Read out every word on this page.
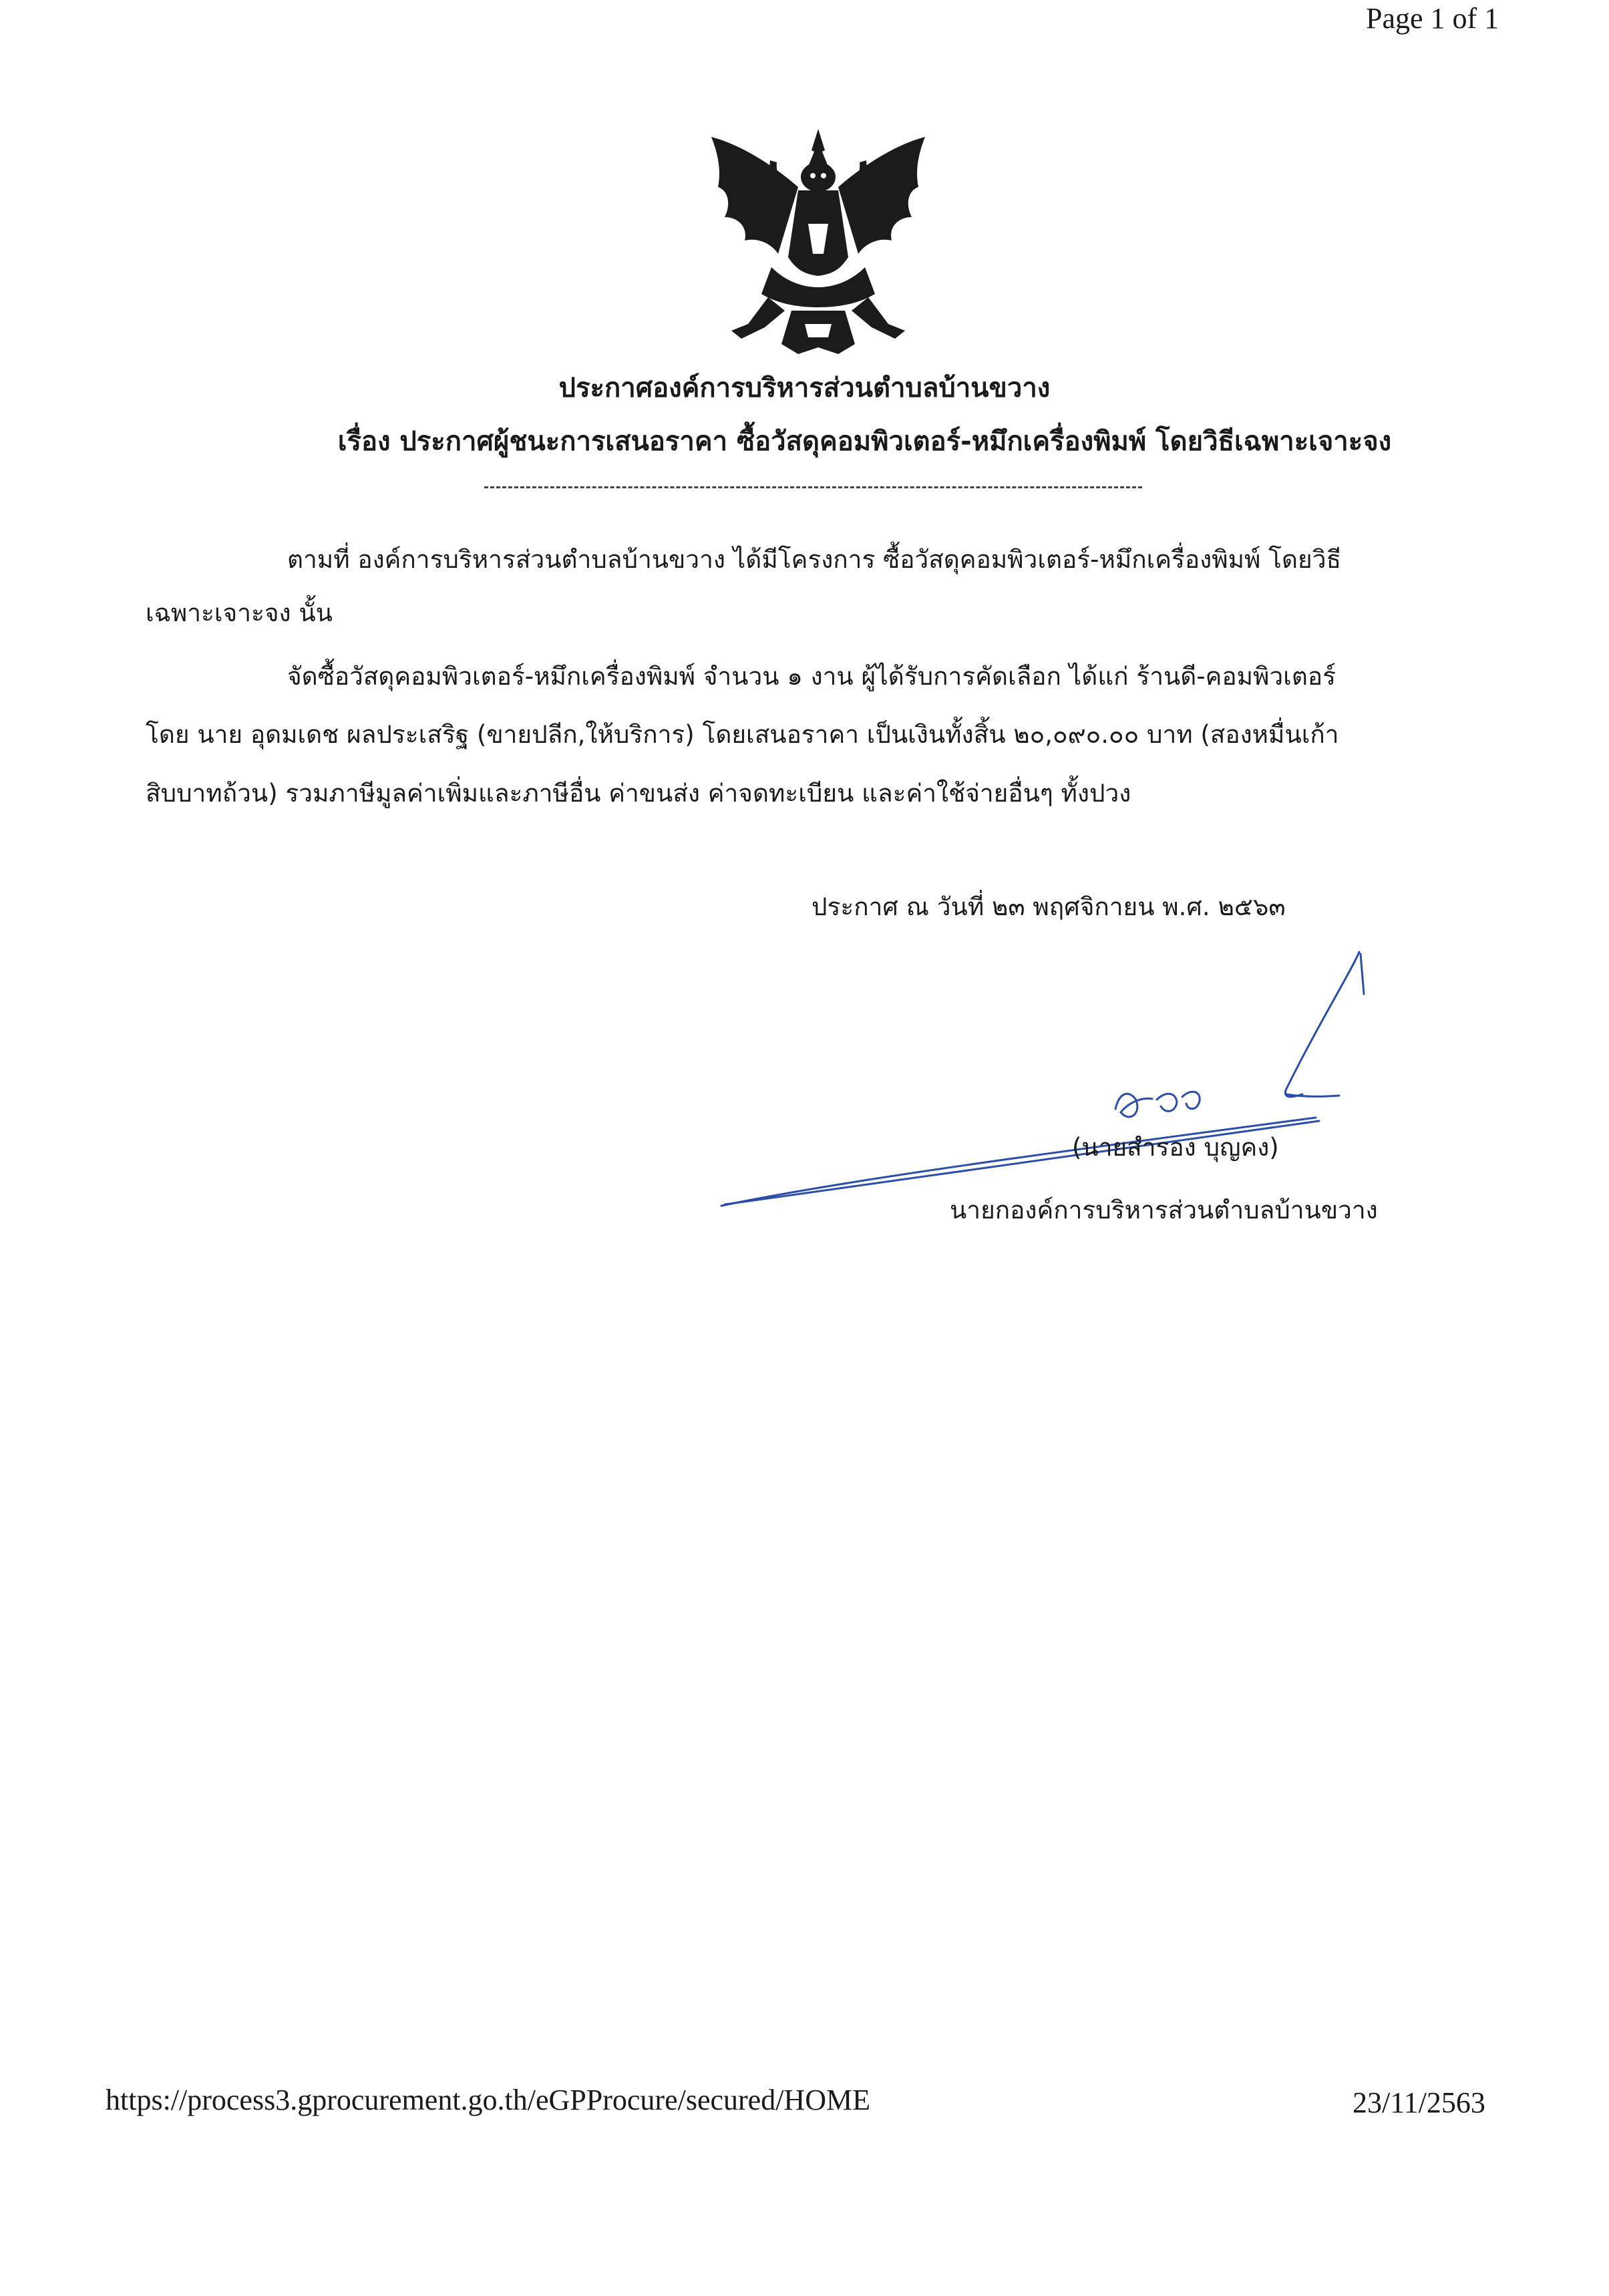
Page 1 of 1
ประกาศองค์การบริหารส่วนตำบลบ้านขวาง
เรื่อง ประกาศผู้ชนะการเสนอราคา ซื้อวัสดุคอมพิวเตอร์-หมึกเครื่องพิมพ์ โดยวิธีเฉพาะเจาะจง
ตามที่ องค์การบริหารส่วนตำบลบ้านขวาง ได้มีโครงการ ซื้อวัสดุคอมพิวเตอร์-หมึกเครื่องพิมพ์ โดยวิธี
เฉพาะเจาะจง นั้น
จัดซื้อวัสดุคอมพิวเตอร์-หมึกเครื่องพิมพ์ จำนวน ๑ งาน ผู้ได้รับการคัดเลือก ได้แก่ ร้านดี-คอมพิวเตอร์
โดย นาย อุดมเดช ผลประเสริฐ (ขายปลีก,ให้บริการ) โดยเสนอราคา เป็นเงินทั้งสิ้น ๒๐,๐๙๐.๐๐ บาท (สองหมื่นเก้า
สิบบาทถ้วน) รวมภาษีมูลค่าเพิ่มและภาษีอื่น ค่าขนส่ง ค่าจดทะเบียน และค่าใช้จ่ายอื่นๆ ทั้งปวง
ประกาศ ณ วันที่ ๒๓ พฤศจิกายน พ.ศ. ๒๕๖๓
(นายสำรอง บุญคง)
นายกองค์การบริหารส่วนตำบลบ้านขวาง
https://process3.gprocurement.go.th/eGPProcure/secured/HOME	23/11/2563
